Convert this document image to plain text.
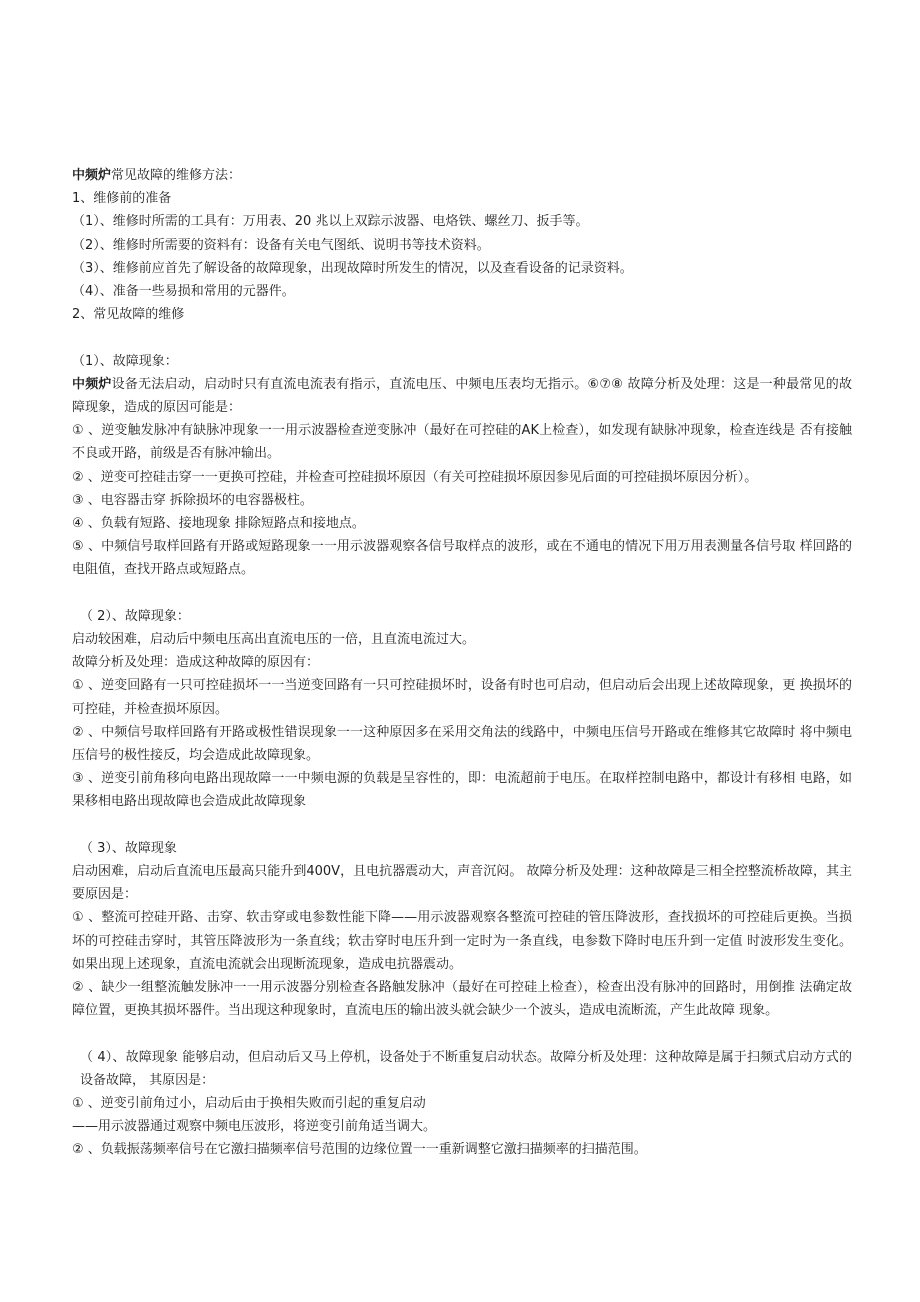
中频炉常见故障的维修方法：
1、维修前的准备
（1）、维修时所需的工具有：万用表、20 兆以上双踪示波器、电烙铁、螺丝刀、扳手等。
（2）、维修时所需要的资料有：设备有关电气图纸、说明书等技术资料。
（3）、维修前应首先了解设备的故障现象，出现故障时所发生的情况，以及查看设备的记录资料。
（4）、准备一些易损和常用的元器件。
2、常见故障的维修
（1）、故障现象：
中频炉设备无法启动，启动时只有直流电流表有指示，直流电压、中频电压表均无指示。⑥⑦⑧ 故障分析及处理：这是一种最常见的故障现象，造成的原因可能是：
① 、逆变触发脉冲有缺脉冲现象一一用示波器检查逆变脉冲（最好在可控硅的AK上检查），如发现有缺脉冲现象，检查连线是 否有接触不良或开路，前级是否有脉冲输出。
② 、逆变可控硅击穿一一更换可控硅，并检查可控硅损坏原因（有关可控硅损坏原因参见后面的可控硅损坏原因分析）。
③ 、电容器击穿 拆除损坏的电容器极柱。
④ 、负载有短路、接地现象 排除短路点和接地点。
⑤ 、中频信号取样回路有开路或短路现象一一用示波器观察各信号取样点的波形，或在不通电的情况下用万用表测量各信号取 样回路的电阻值，查找开路点或短路点。
（ 2）、故障现象：
启动较困难，启动后中频电压高出直流电压的一倍，且直流电流过大。
故障分析及处理：造成这种故障的原因有：
① 、逆变回路有一只可控硅损坏一一当逆变回路有一只可控硅损坏时，设备有时也可启动，但启动后会出现上述故障现象，更 换损坏的可控硅，并检查损坏原因。
② 、中频信号取样回路有开路或极性错误现象一一这种原因多在采用交角法的线路中，中频电压信号开路或在维修其它故障时 将中频电压信号的极性接反，均会造成此故障现象。
③ 、逆变引前角移向电路出现故障一一中频电源的负载是呈容性的，即：电流超前于电压。在取样控制电路中，都设计有移相 电路，如果移相电路出现故障也会造成此故障现象
（ 3）、故障现象
启动困难，启动后直流电压最高只能升到400V，且电抗器震动大，声音沉闷。 故障分析及处理：这种故障是三相全控整流桥故障，其主要原因是：
① 、整流可控硅开路、击穿、软击穿或电参数性能下降——用示波器观察各整流可控硅的管压降波形，查找损坏的可控硅后更换。当损坏的可控硅击穿时，其管压降波形为一条直线；软击穿时电压升到一定时为一条直线，电参数下降时电压升到一定值 时波形发生变化。如果出现上述现象，直流电流就会出现断流现象，造成电抗器震动。
② 、缺少一组整流触发脉冲一一用示波器分别检查各路触发脉冲（最好在可控硅上检查），检查出没有脉冲的回路时，用倒推 法确定故障位置，更换其损坏器件。当出现这种现象时，直流电压的输出波头就会缺少一个波头，造成电流断流，产生此故障 现象。
（ 4）、故障现象 能够启动，但启动后又马上停机，设备处于不断重复启动状态。故障分析及处理：这种故障是属于扫频式启动方式的设备故障， 其原因是：
① 、逆变引前角过小，启动后由于换相失败而引起的重复启动
——用示波器通过观察中频电压波形，将逆变引前角适当调大。
② 、负载振荡频率信号在它激扫描频率信号范围的边缘位置一一重新调整它激扫描频率的扫描范围。
